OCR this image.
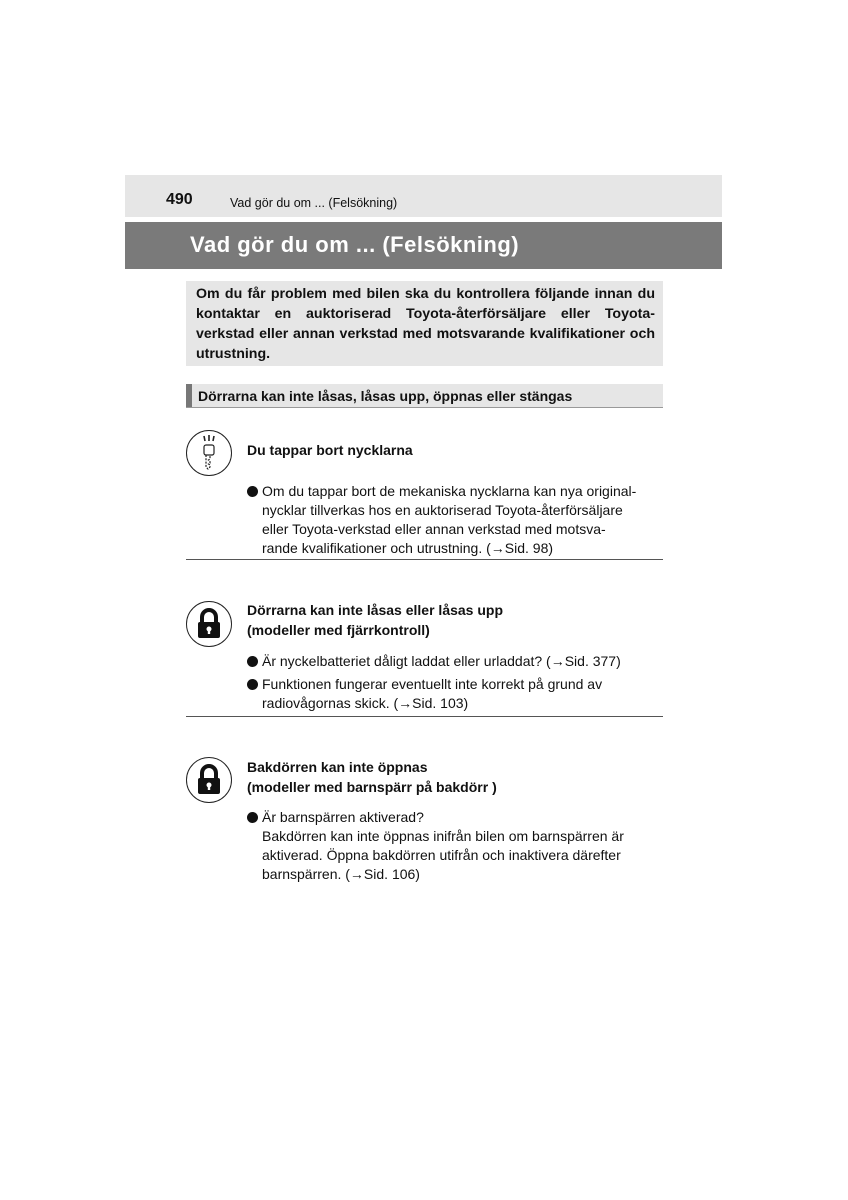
490	Vad gör du om ... (Felsökning)
Vad gör du om ... (Felsökning)
Om du får problem med bilen ska du kontrollera följande innan du kontaktar en auktoriserad Toyota-återförsäljare eller Toyota-verkstad eller annan verkstad med motsvarande kvalifikationer och utrustning.
Dörrarna kan inte låsas, låsas upp, öppnas eller stängas
Du tappar bort nycklarna
Om du tappar bort de mekaniska nycklarna kan nya original-
nycklar tillverkas hos en auktoriserad Toyota-återförsäljare
eller Toyota-verkstad eller annan verkstad med motsva-
rande kvalifikationer och utrustning. (→Sid. 98)
Dörrarna kan inte låsas eller låsas upp
(modeller med fjärrkontroll)
Är nyckelbatteriet dåligt laddat eller urladdat? (→Sid. 377)
Funktionen fungerar eventuellt inte korrekt på grund av
radiovågornas skick. (→Sid. 103)
Bakdörren kan inte öppnas
(modeller med barnspärr på bakdörr )
Är barnspärren aktiverad?
Bakdörren kan inte öppnas inifrån bilen om barnspärren är
aktiverad. Öppna bakdörren utifrån och inaktivera därefter
barnspärren. (→Sid. 106)
